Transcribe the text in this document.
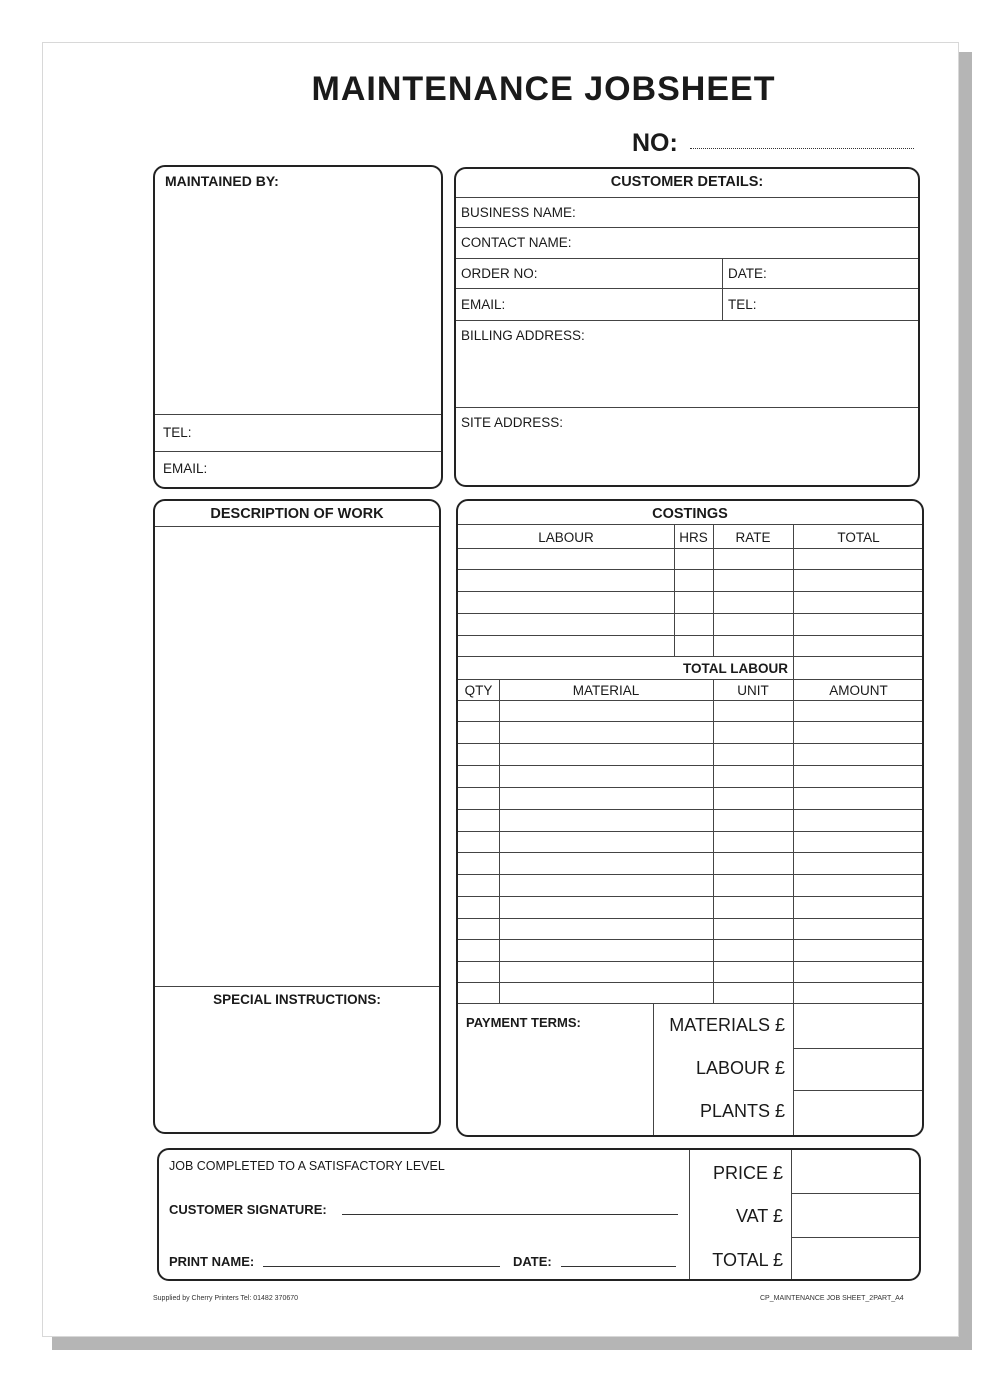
MAINTENANCE JOBSHEET
NO:
MAINTAINED BY:
TEL:
EMAIL:
CUSTOMER DETAILS:
BUSINESS NAME:
CONTACT NAME:
ORDER NO:	DATE:
EMAIL:	TEL:
BILLING ADDRESS:
SITE ADDRESS:
DESCRIPTION OF WORK
SPECIAL INSTRUCTIONS:
COSTINGS
LABOUR	HRS	RATE	TOTAL
TOTAL LABOUR
QTY	MATERIAL	UNIT	AMOUNT
PAYMENT TERMS:	MATERIALS £
LABOUR £
PLANTS £
JOB COMPLETED TO A SATISFACTORY LEVEL
CUSTOMER SIGNATURE:
PRINT NAME:	DATE:
PRICE £
VAT £
TOTAL £
Supplied by Cherry Printers Tel: 01482 370670	CP_MAINTENANCE JOB SHEET_2PART_A4
